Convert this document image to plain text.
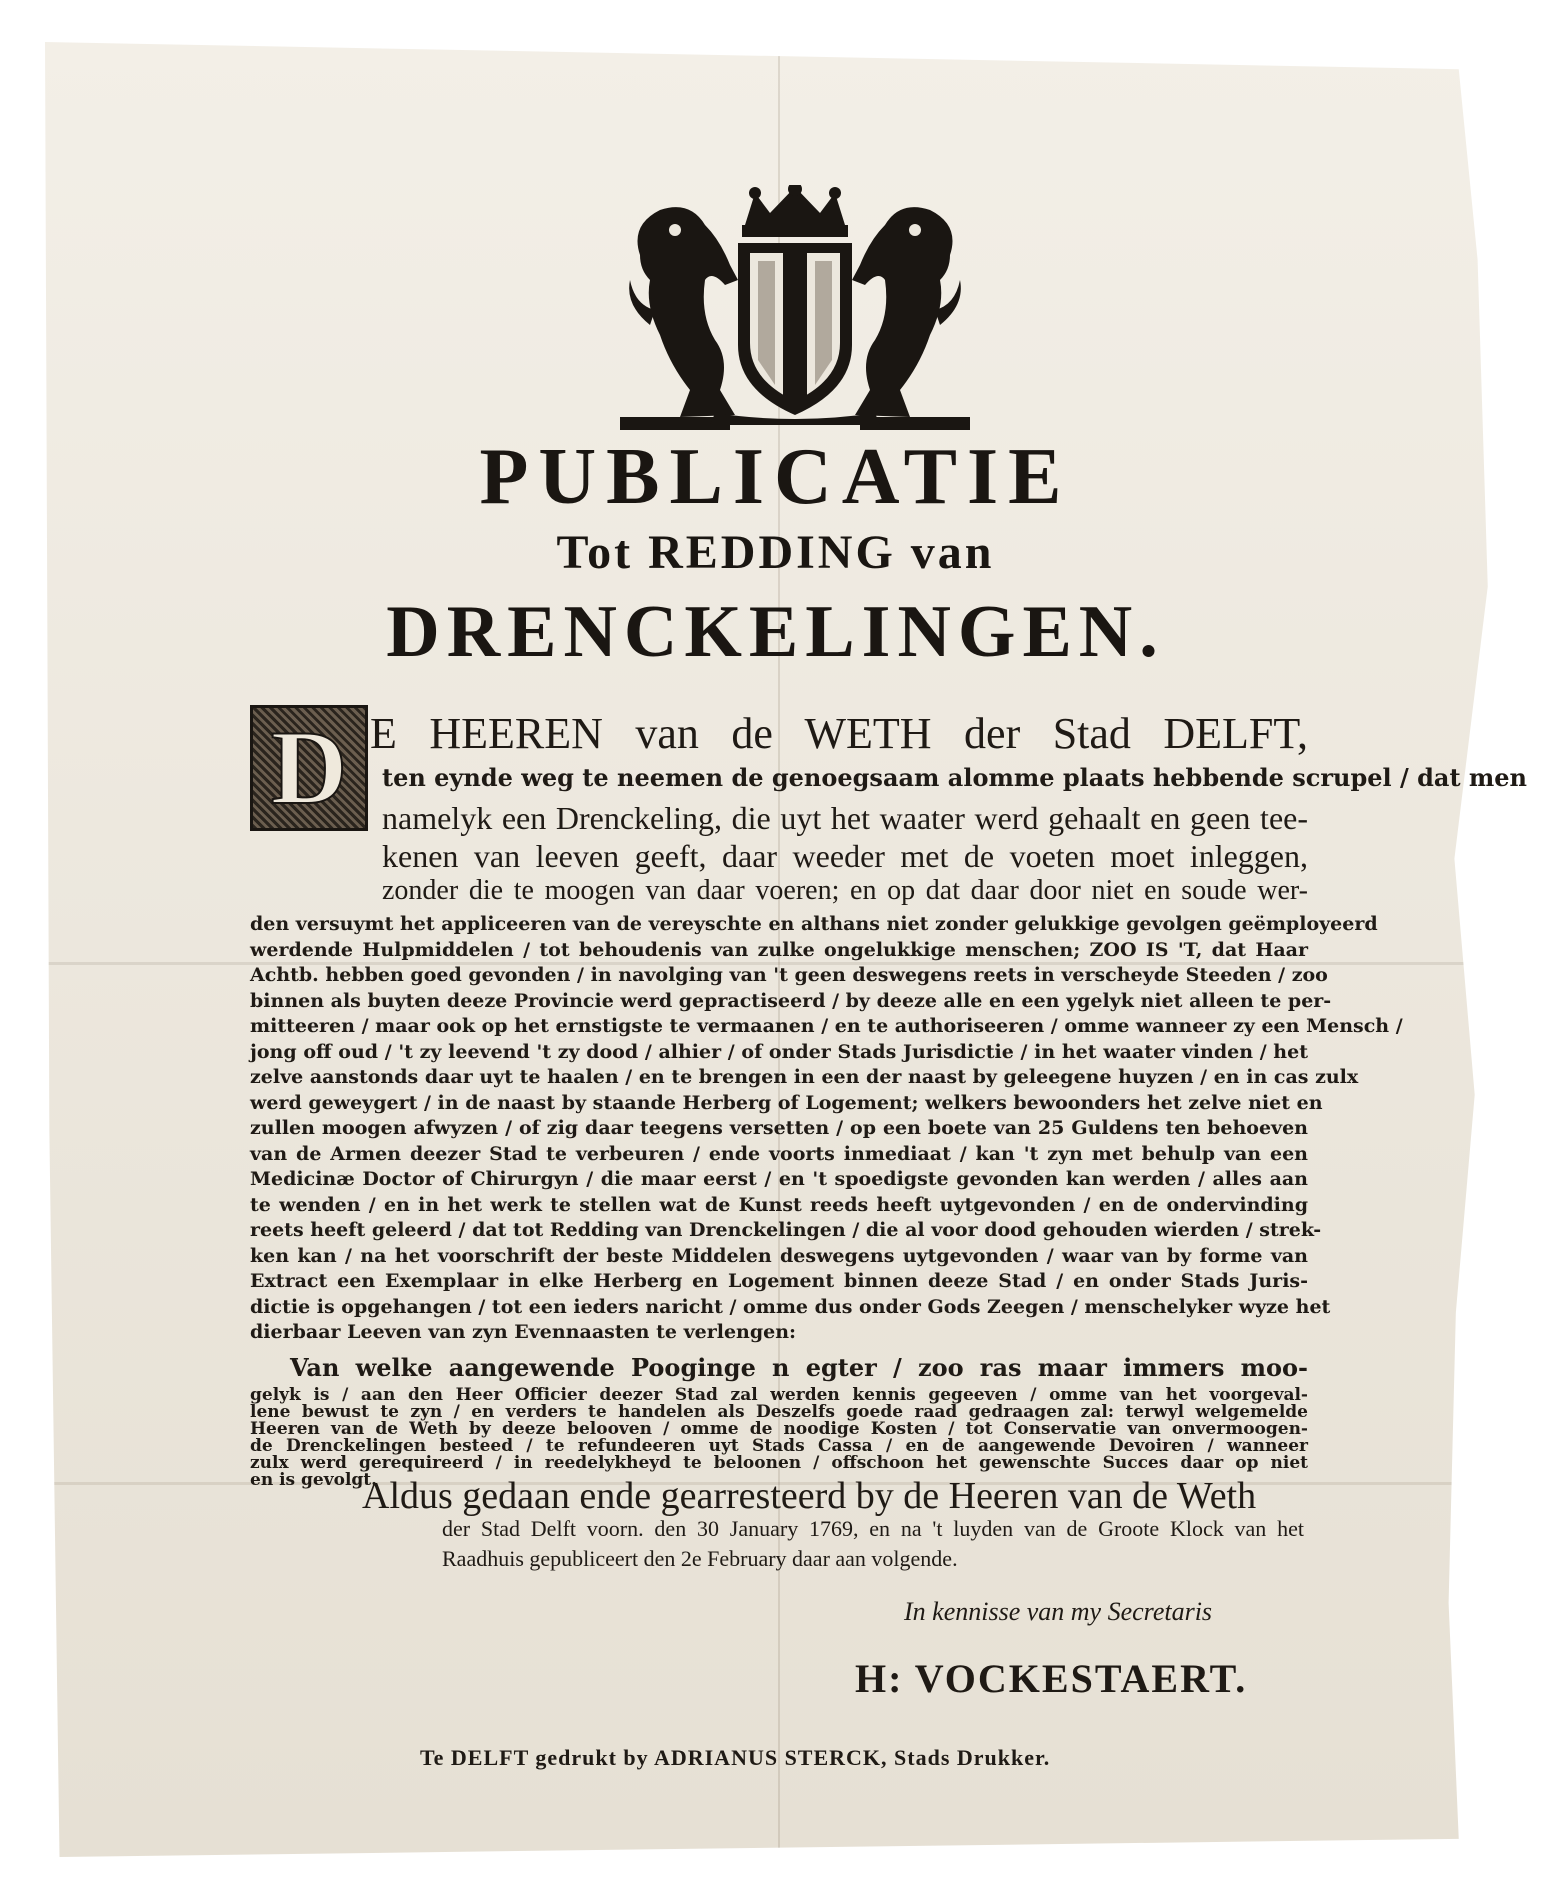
PUBLICATIE
Tot REDDING van
DRENCKELINGEN.
D E HEEREN van de WETH der Stad DELFT,
ten eynde weg te neemen de genoegsaam alomme plaats hebbende scrupel / dat men
namelyk een Drenckeling, die uyt het waater werd gehaalt en geen tee-
kenen van leeven geeft, daar weeder met de voeten moet inleggen,
zonder die te moogen van daar voeren; en op dat daar door niet en soude wer-
den versuymt het appliceeren van de vereyschte en althans niet zonder gelukkige gevolgen geëmployeerd
werdende Hulpmiddelen / tot behoudenis van zulke ongelukkige menschen; ZOO IS 'T, dat Haar
Achtb. hebben goed gevonden / in navolging van 't geen deswegens reets in verscheyde Steeden / zoo
binnen als buyten deeze Provincie werd gepractiseerd / by deeze alle en een ygelyk niet alleen te per-
mitteeren / maar ook op het ernstigste te vermaanen / en te authoriseeren / omme wanneer zy een Mensch /
jong off oud / 't zy leevend 't zy dood / alhier / of onder Stads Jurisdictie / in het waater vinden / het
zelve aanstonds daar uyt te haalen / en te brengen in een der naast by geleegene huyzen / en in cas zulx
werd geweygert / in de naast by staande Herberg of Logement; welkers bewoonders het zelve niet en
zullen moogen afwyzen / of zig daar teegens versetten / op een boete van 25 Guldens ten behoeven
van de Armen deezer Stad te verbeuren / ende voorts inmediaat / kan 't zyn met behulp van een
Medicinæ Doctor of Chirurgyn / die maar eerst / en 't spoedigste gevonden kan werden / alles aan
te wenden / en in het werk te stellen wat de Kunst reeds heeft uytgevonden / en de ondervinding
reets heeft geleerd / dat tot Redding van Drenckelingen / die al voor dood gehouden wierden / strek-
ken kan / na het voorschrift der beste Middelen deswegens uytgevonden / waar van by forme van
Extract een Exemplaar in elke Herberg en Logement binnen deeze Stad / en onder Stads Juris-
dictie is opgehangen / tot een ieders naricht / omme dus onder Gods Zeegen / menschelyker wyze het
dierbaar Leeven van zyn Evennaasten te verlengen:
Aldus gedaan ende gearresteerd by de Heeren van de Weth
der Stad Delft voorn. den 30 January 1769, en na 't luyden van de Groote Klock van het
Raadhuis gepubliceert den 2e February daar aan volgende.
In kennisse van my Secretaris
H: VOCKESTAERT.
Te DELFT gedrukt by ADRIANUS STERCK, Stads Drukker.
Van welke aangewende Pooginge n egter / zoo ras maar immers moo-
gelyk is / aan den Heer Officier deezer Stad zal werden kennis gegeeven / omme van het voorgeval-
lene bewust te zyn / en verders te handelen als Deszelfs goede raad gedraagen zal: terwyl welgemelde
Heeren van de Weth by deeze belooven / omme de noodige Kosten / tot Conservatie van onvermoogen-
de Drenckelingen besteed / te refundeeren uyt Stads Cassa / en de aangewende Devoiren / wanneer
zulx werd gerequireerd / in reedelykheyd te beloonen / offschoon het gewenschte Succes daar op niet
en is gevolgt.
